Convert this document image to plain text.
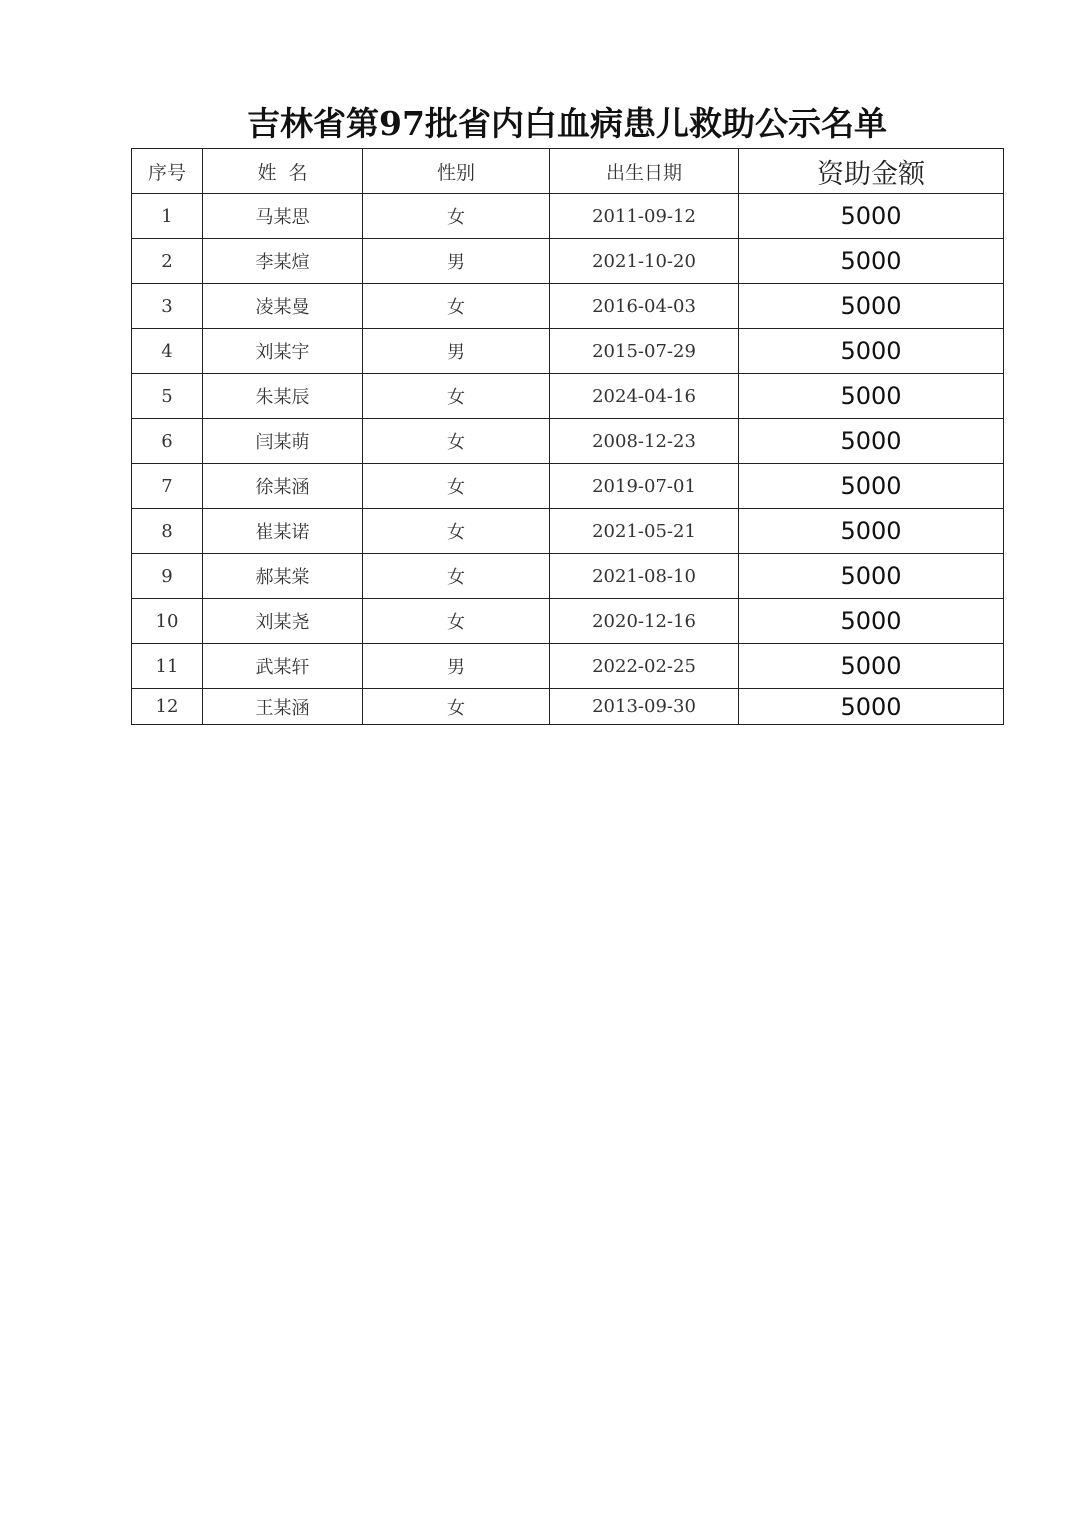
吉林省第97批省内白血病患儿救助公示名单
序号	姓  名	性别	出生日期	资助金额
1	马某思	女	2011-09-12	5000
2	李某煊	男	2021-10-20	5000
3	凌某曼	女	2016-04-03	5000
4	刘某宇	男	2015-07-29	5000
5	朱某辰	女	2024-04-16	5000
6	闫某萌	女	2008-12-23	5000
7	徐某涵	女	2019-07-01	5000
8	崔某诺	女	2021-05-21	5000
9	郝某棠	女	2021-08-10	5000
10	刘某尧	女	2020-12-16	5000
11	武某轩	男	2022-02-25	5000
12	王某涵	女	2013-09-30	5000
